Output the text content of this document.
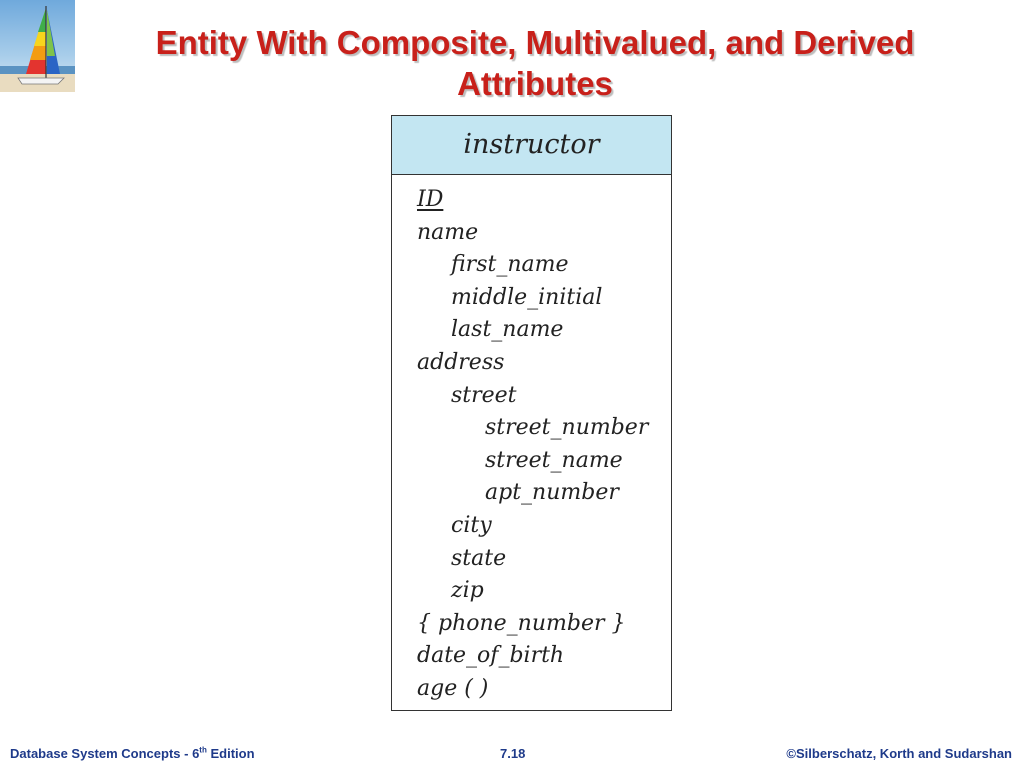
Entity With Composite, Multivalued, and Derived
Attributes
instructor
ID
name
first_name
middle_initial
last_name
address
street
street_number
street_name
apt_number
city
state
zip
{ phone_number }
date_of_birth
age ( )
Database System Concepts - 6th Edition	7.18	©Silberschatz, Korth and Sudarshan
